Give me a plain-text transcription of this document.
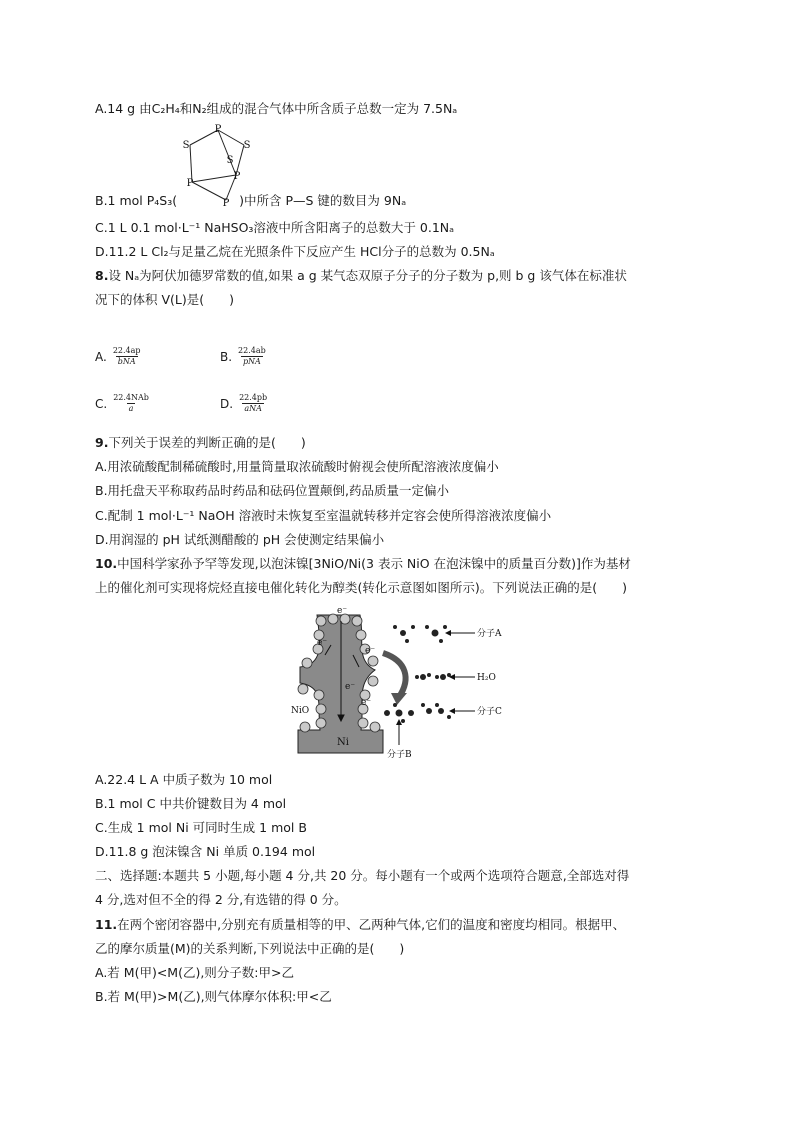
A.14 g 由C₂H₄和N₂组成的混合气体中所含质子总数一定为 7.5Nₐ
P
S	S
S
P
P
P
B.1 mol P₄S₃(	)中所含 P—S 键的数目为 9Nₐ
C.1 L 0.1 mol·L⁻¹ NaHSO₃溶液中所含阳离子的总数大于 0.1Nₐ
D.11.2 L Cl₂与足量乙烷在光照条件下反应产生 HCl分子的总数为 0.5Nₐ
8.设 Nₐ为阿伏加德罗常数的值,如果 a g 某气态双原子分子的分子数为 p,则 b g 该气体在标准状
况下的体积 V(L)是(　　)
A. $\frac{22.4ap}{\text{bNA}}$	B. $\frac{22.4ab}{\text{pNA}}$
C. $\frac{\text{22.4NAb}}{a}$	D. $\frac{22.4pb}{\text{aNA}}$
9.下列关于误差的判断正确的是(　　)
A.用浓硫酸配制稀硫酸时,用量筒量取浓硫酸时俯视会使所配溶液浓度偏小
B.用托盘天平称取药品时药品和砝码位置颠倒,药品质量一定偏小
C.配制 1 mol·L⁻¹ NaOH 溶液时未恢复至室温就转移并定容会使所得溶液浓度偏小
D.用润湿的 pH 试纸测醋酸的 pH 会使测定结果偏小
10.中国科学家孙予罕等发现,以泡沫镍[3NiO/Ni(3 表示 NiO 在泡沫镍中的质量百分数)]作为基材
上的催化剂可实现将烷烃直接电催化转化为醇类(转化示意图如图所示)。下列说法正确的是(　　)
e⁻
e⁻
e⁻
e⁻
e⁻
NiO
Ni
分子A
H₂O
分子B
分子C
A.22.4 L A 中质子数为 10 mol
B.1 mol C 中共价键数目为 4 mol
C.生成 1 mol Ni 可同时生成 1 mol B
D.11.8 g 泡沫镍含 Ni 单质 0.194 mol
二、选择题:本题共 5 小题,每小题 4 分,共 20 分。每小题有一个或两个选项符合题意,全部选对得
4 分,选对但不全的得 2 分,有选错的得 0 分。
11.在两个密闭容器中,分别充有质量相等的甲、乙两种气体,它们的温度和密度均相同。根据甲、
乙的摩尔质量(M)的关系判断,下列说法中正确的是(　　)
A.若 M(甲)<M(乙),则分子数:甲>乙
B.若 M(甲)>M(乙),则气体摩尔体积:甲<乙
